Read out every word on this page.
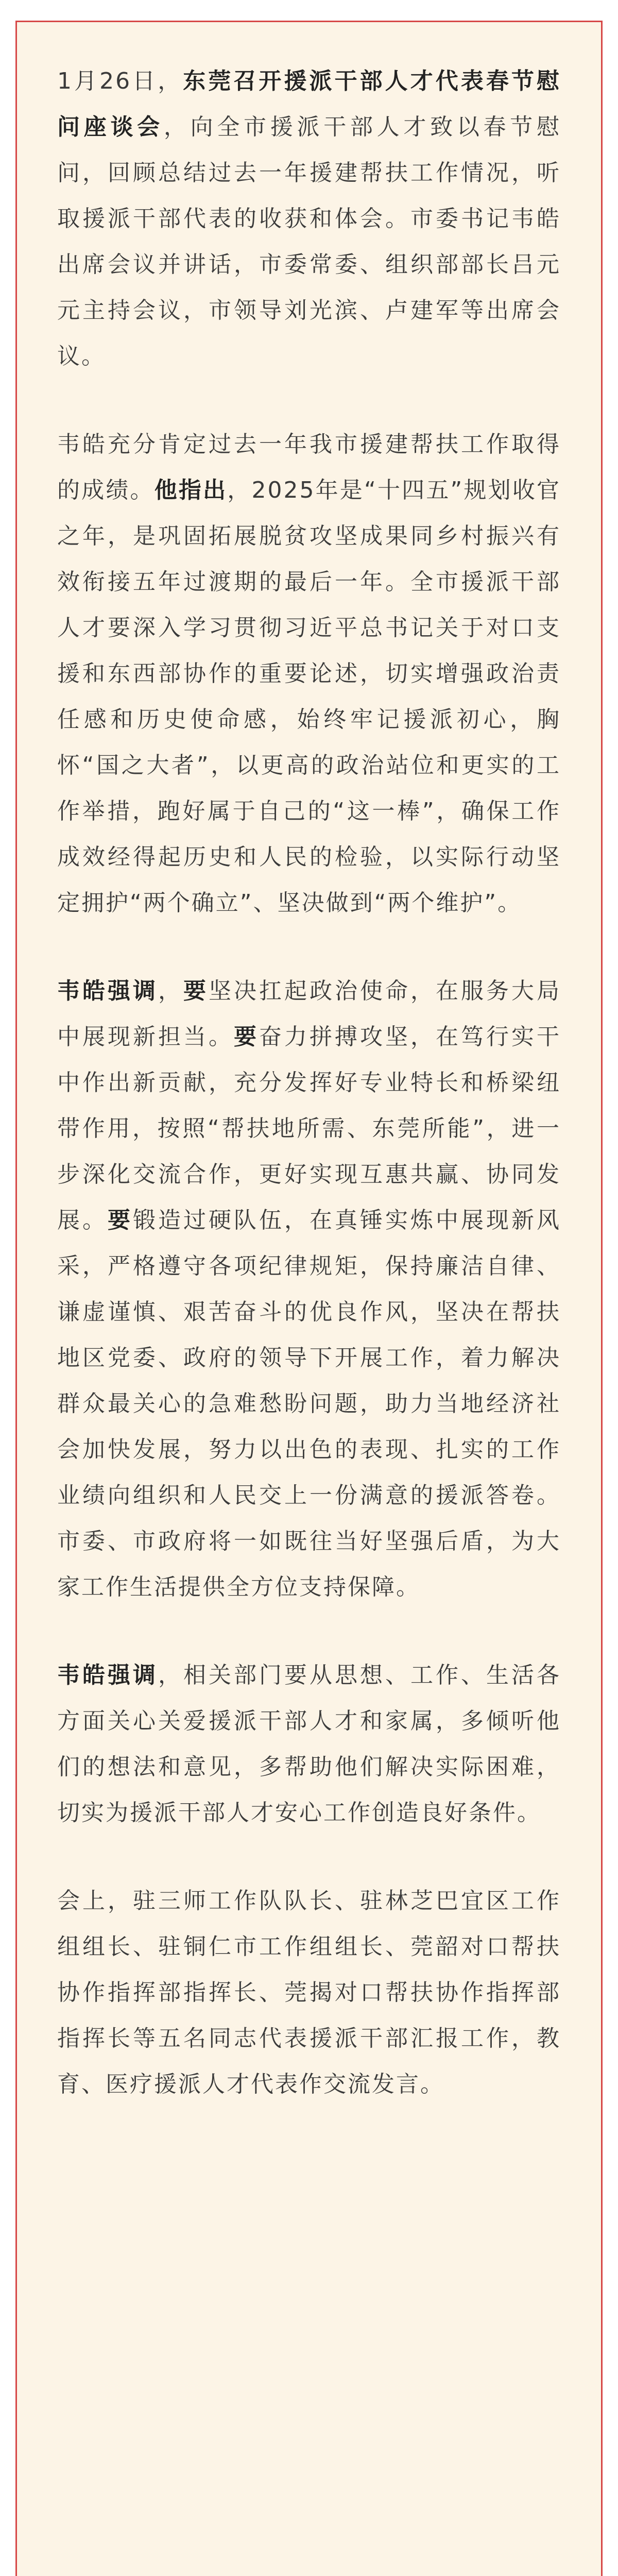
1月26日，东莞召开援派干部人才代表春节慰问座谈会，向全市援派干部人才致以春节慰问，回顾总结过去一年援建帮扶工作情况，听取援派干部代表的收获和体会。市委书记韦皓出席会议并讲话，市委常委、组织部部长吕元元主持会议，市领导刘光滨、卢建军等出席会议。

韦皓充分肯定过去一年我市援建帮扶工作取得的成绩。他指出，2025年是“十四五”规划收官之年，是巩固拓展脱贫攻坚成果同乡村振兴有效衔接五年过渡期的最后一年。全市援派干部人才要深入学习贯彻习近平总书记关于对口支援和东西部协作的重要论述，切实增强政治责任感和历史使命感，始终牢记援派初心，胸怀“国之大者”，以更高的政治站位和更实的工作举措，跑好属于自己的“这一棒”，确保工作成效经得起历史和人民的检验，以实际行动坚定拥护“两个确立”、坚决做到“两个维护”。

韦皓强调，要坚决扛起政治使命，在服务大局中展现新担当。要奋力拼搏攻坚，在笃行实干中作出新贡献，充分发挥好专业特长和桥梁纽带作用，按照“帮扶地所需、东莞所能”，进一步深化交流合作，更好实现互惠共赢、协同发展。要锻造过硬队伍，在真锤实炼中展现新风采，严格遵守各项纪律规矩，保持廉洁自律、谦虚谨慎、艰苦奋斗的优良作风，坚决在帮扶地区党委、政府的领导下开展工作，着力解决群众最关心的急难愁盼问题，助力当地经济社会加快发展，努力以出色的表现、扎实的工作业绩向组织和人民交上一份满意的援派答卷。市委、市政府将一如既往当好坚强后盾，为大家工作生活提供全方位支持保障。

韦皓强调，相关部门要从思想、工作、生活各方面关心关爱援派干部人才和家属，多倾听他们的想法和意见，多帮助他们解决实际困难，切实为援派干部人才安心工作创造良好条件。

会上，驻三师工作队队长、驻林芝巴宜区工作组组长、驻铜仁市工作组组长、莞韶对口帮扶协作指挥部指挥长、莞揭对口帮扶协作指挥部指挥长等五名同志代表援派干部汇报工作，教育、医疗援派人才代表作交流发言。
